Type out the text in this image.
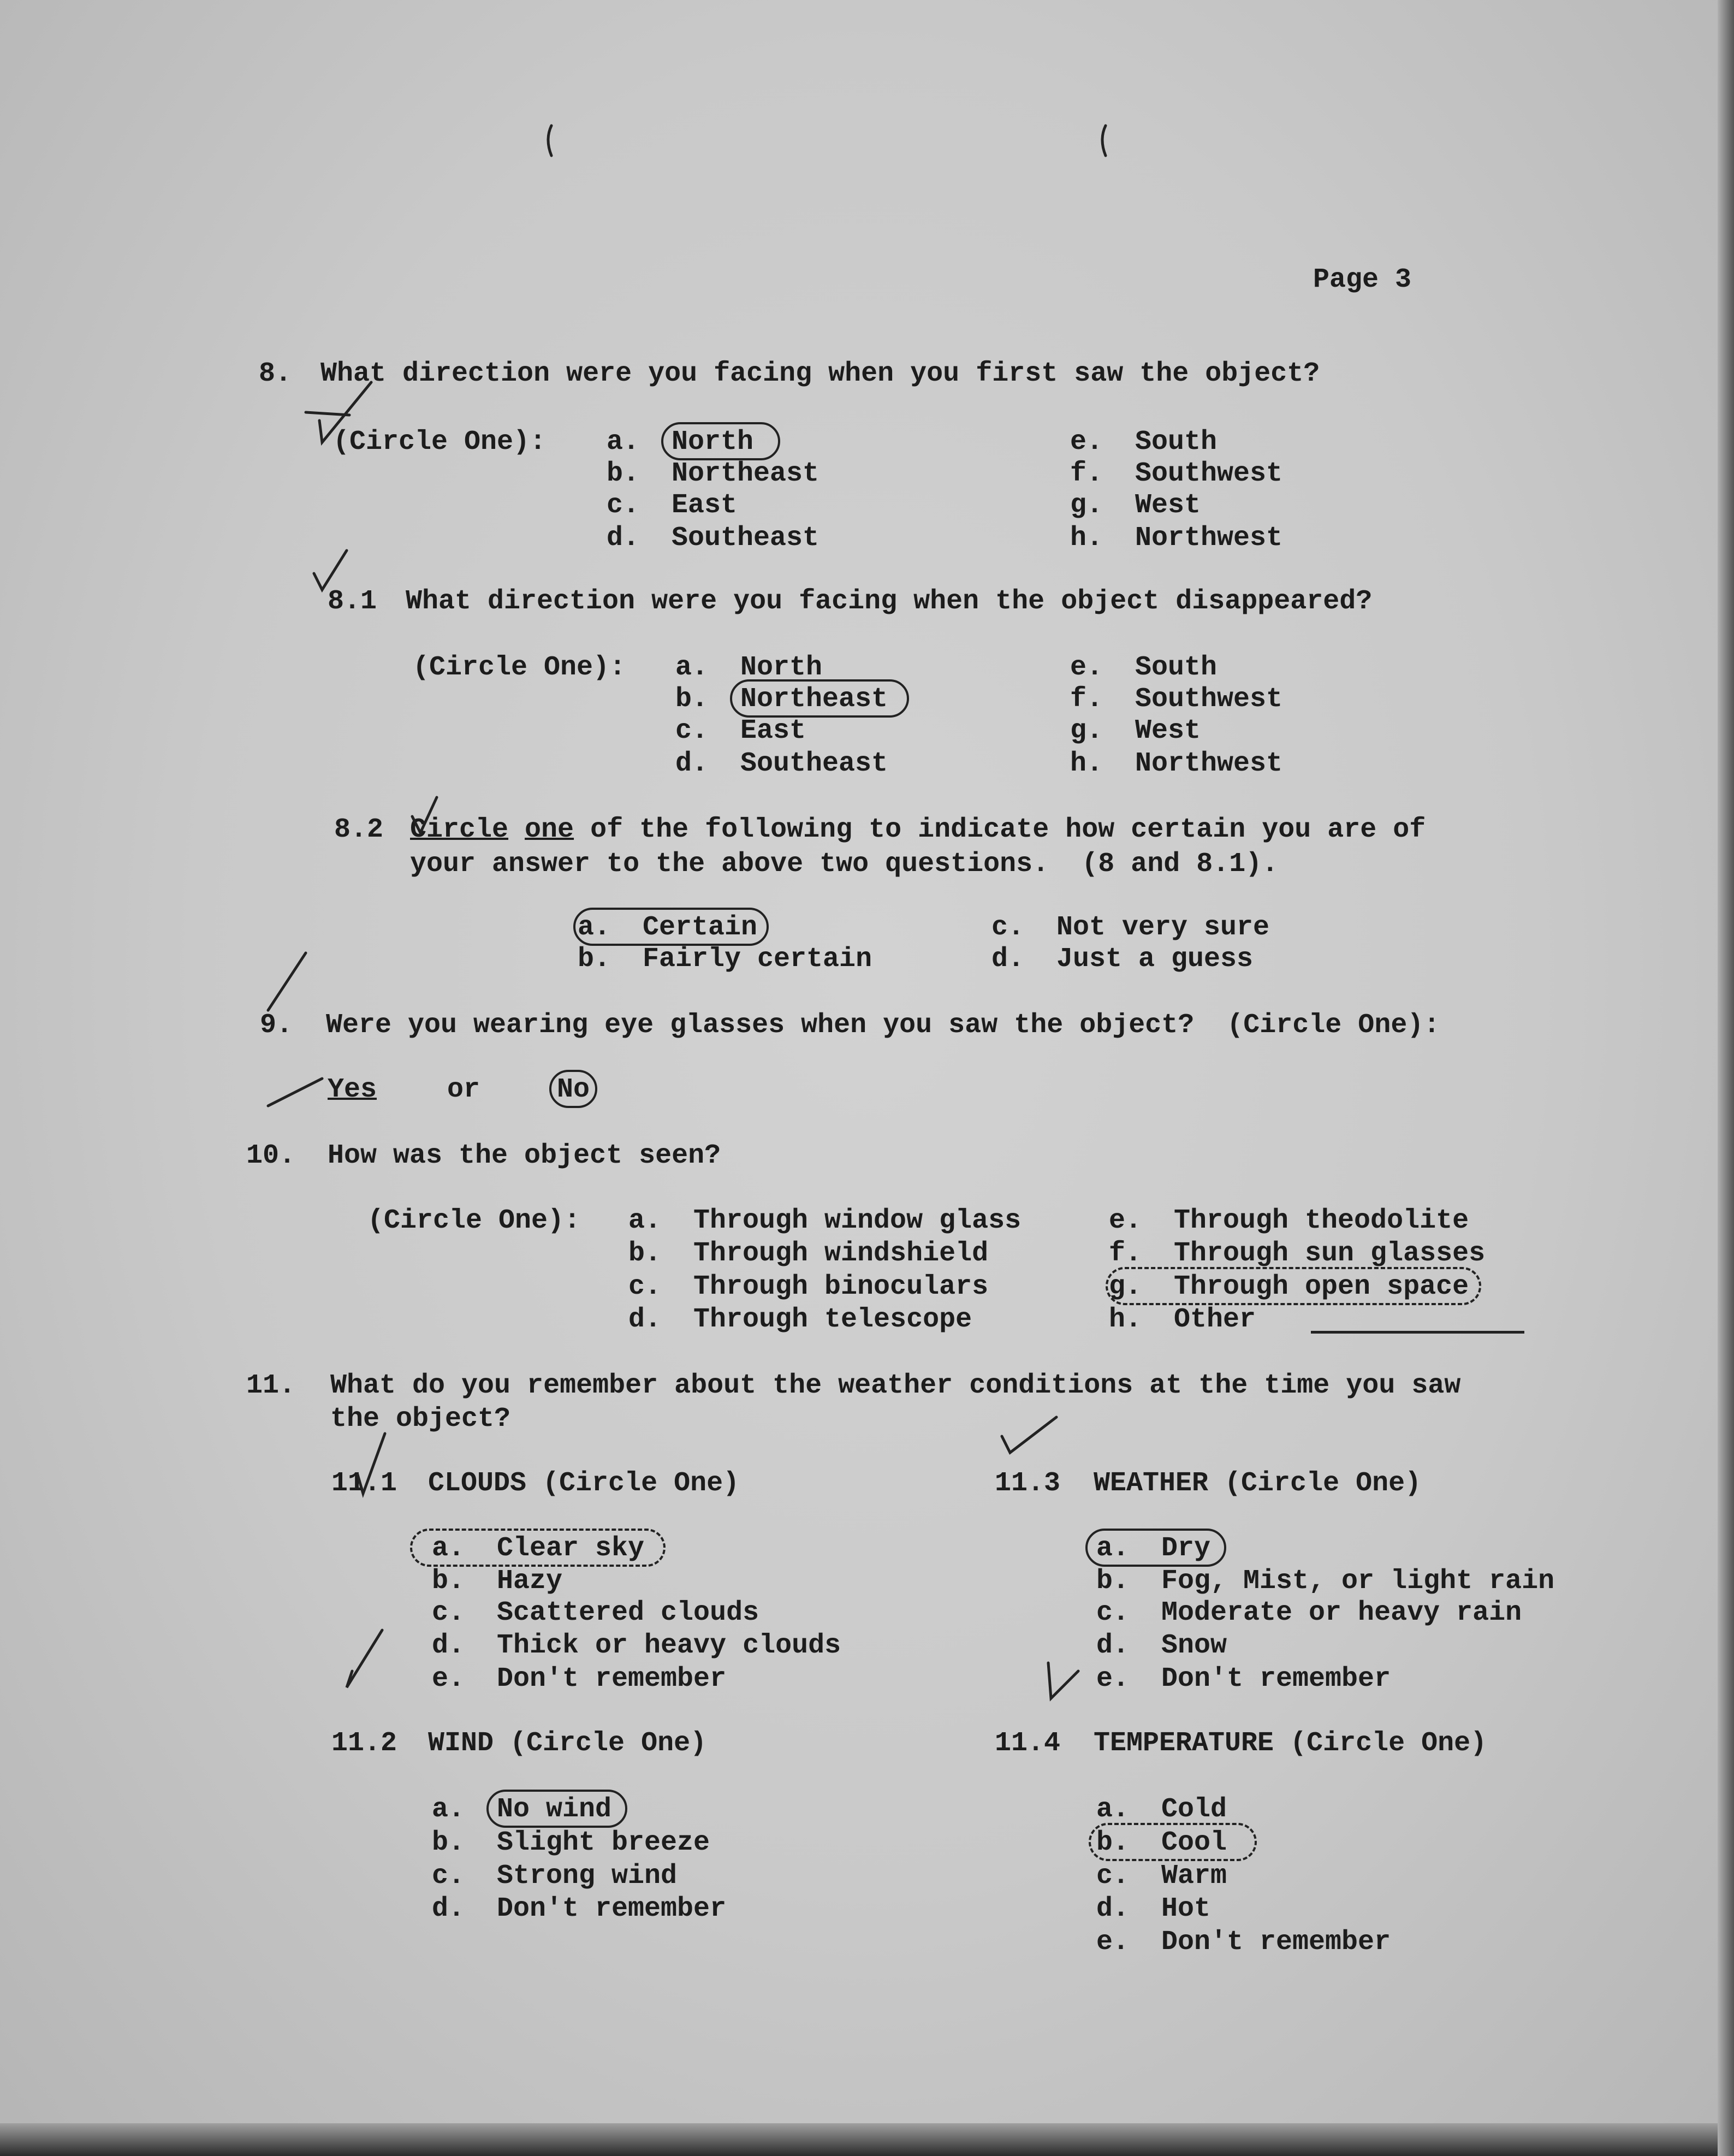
Page 3
8. What direction were you facing when you first saw the object?
(Circle One): a. North
b. Northeast
c. East
d. Southeast
e. South
f. Southwest
g. West
h. Northwest
8.1 What direction were you facing when the object disappeared?
(Circle One): a. North
b. Northeast
c. East
d. Southeast
e. South
f. Southwest
g. West
h. Northwest
8.2 Circle one of the following to indicate how certain you are of
your answer to the above two questions.  (8 and 8.1).
a. Certain
b. Fairly certain
c. Not very sure
d. Just a guess
9. Were you wearing eye glasses when you saw the object?  (Circle One):
Yes	or	No
10. How was the object seen?
(Circle One): a. Through window glass
b. Through windshield
c. Through binoculars
d. Through telescope
e. Through theodolite
f. Through sun glasses
g. Through open space
h. Other
11. What do you remember about the weather conditions at the time you saw
the object?
11.1 CLOUDS (Circle One)
a. Clear sky
b. Hazy
c. Scattered clouds
d. Thick or heavy clouds
e. Don't remember
11.2 WIND (Circle One)
a. No wind
b. Slight breeze
c. Strong wind
d. Don't remember
11.3 WEATHER (Circle One)
a. Dry
b. Fog, Mist, or light rain
c. Moderate or heavy rain
d. Snow
e. Don't remember
11.4 TEMPERATURE (Circle One)
a. Cold
b. Cool
c. Warm
d. Hot
e. Don't remember
